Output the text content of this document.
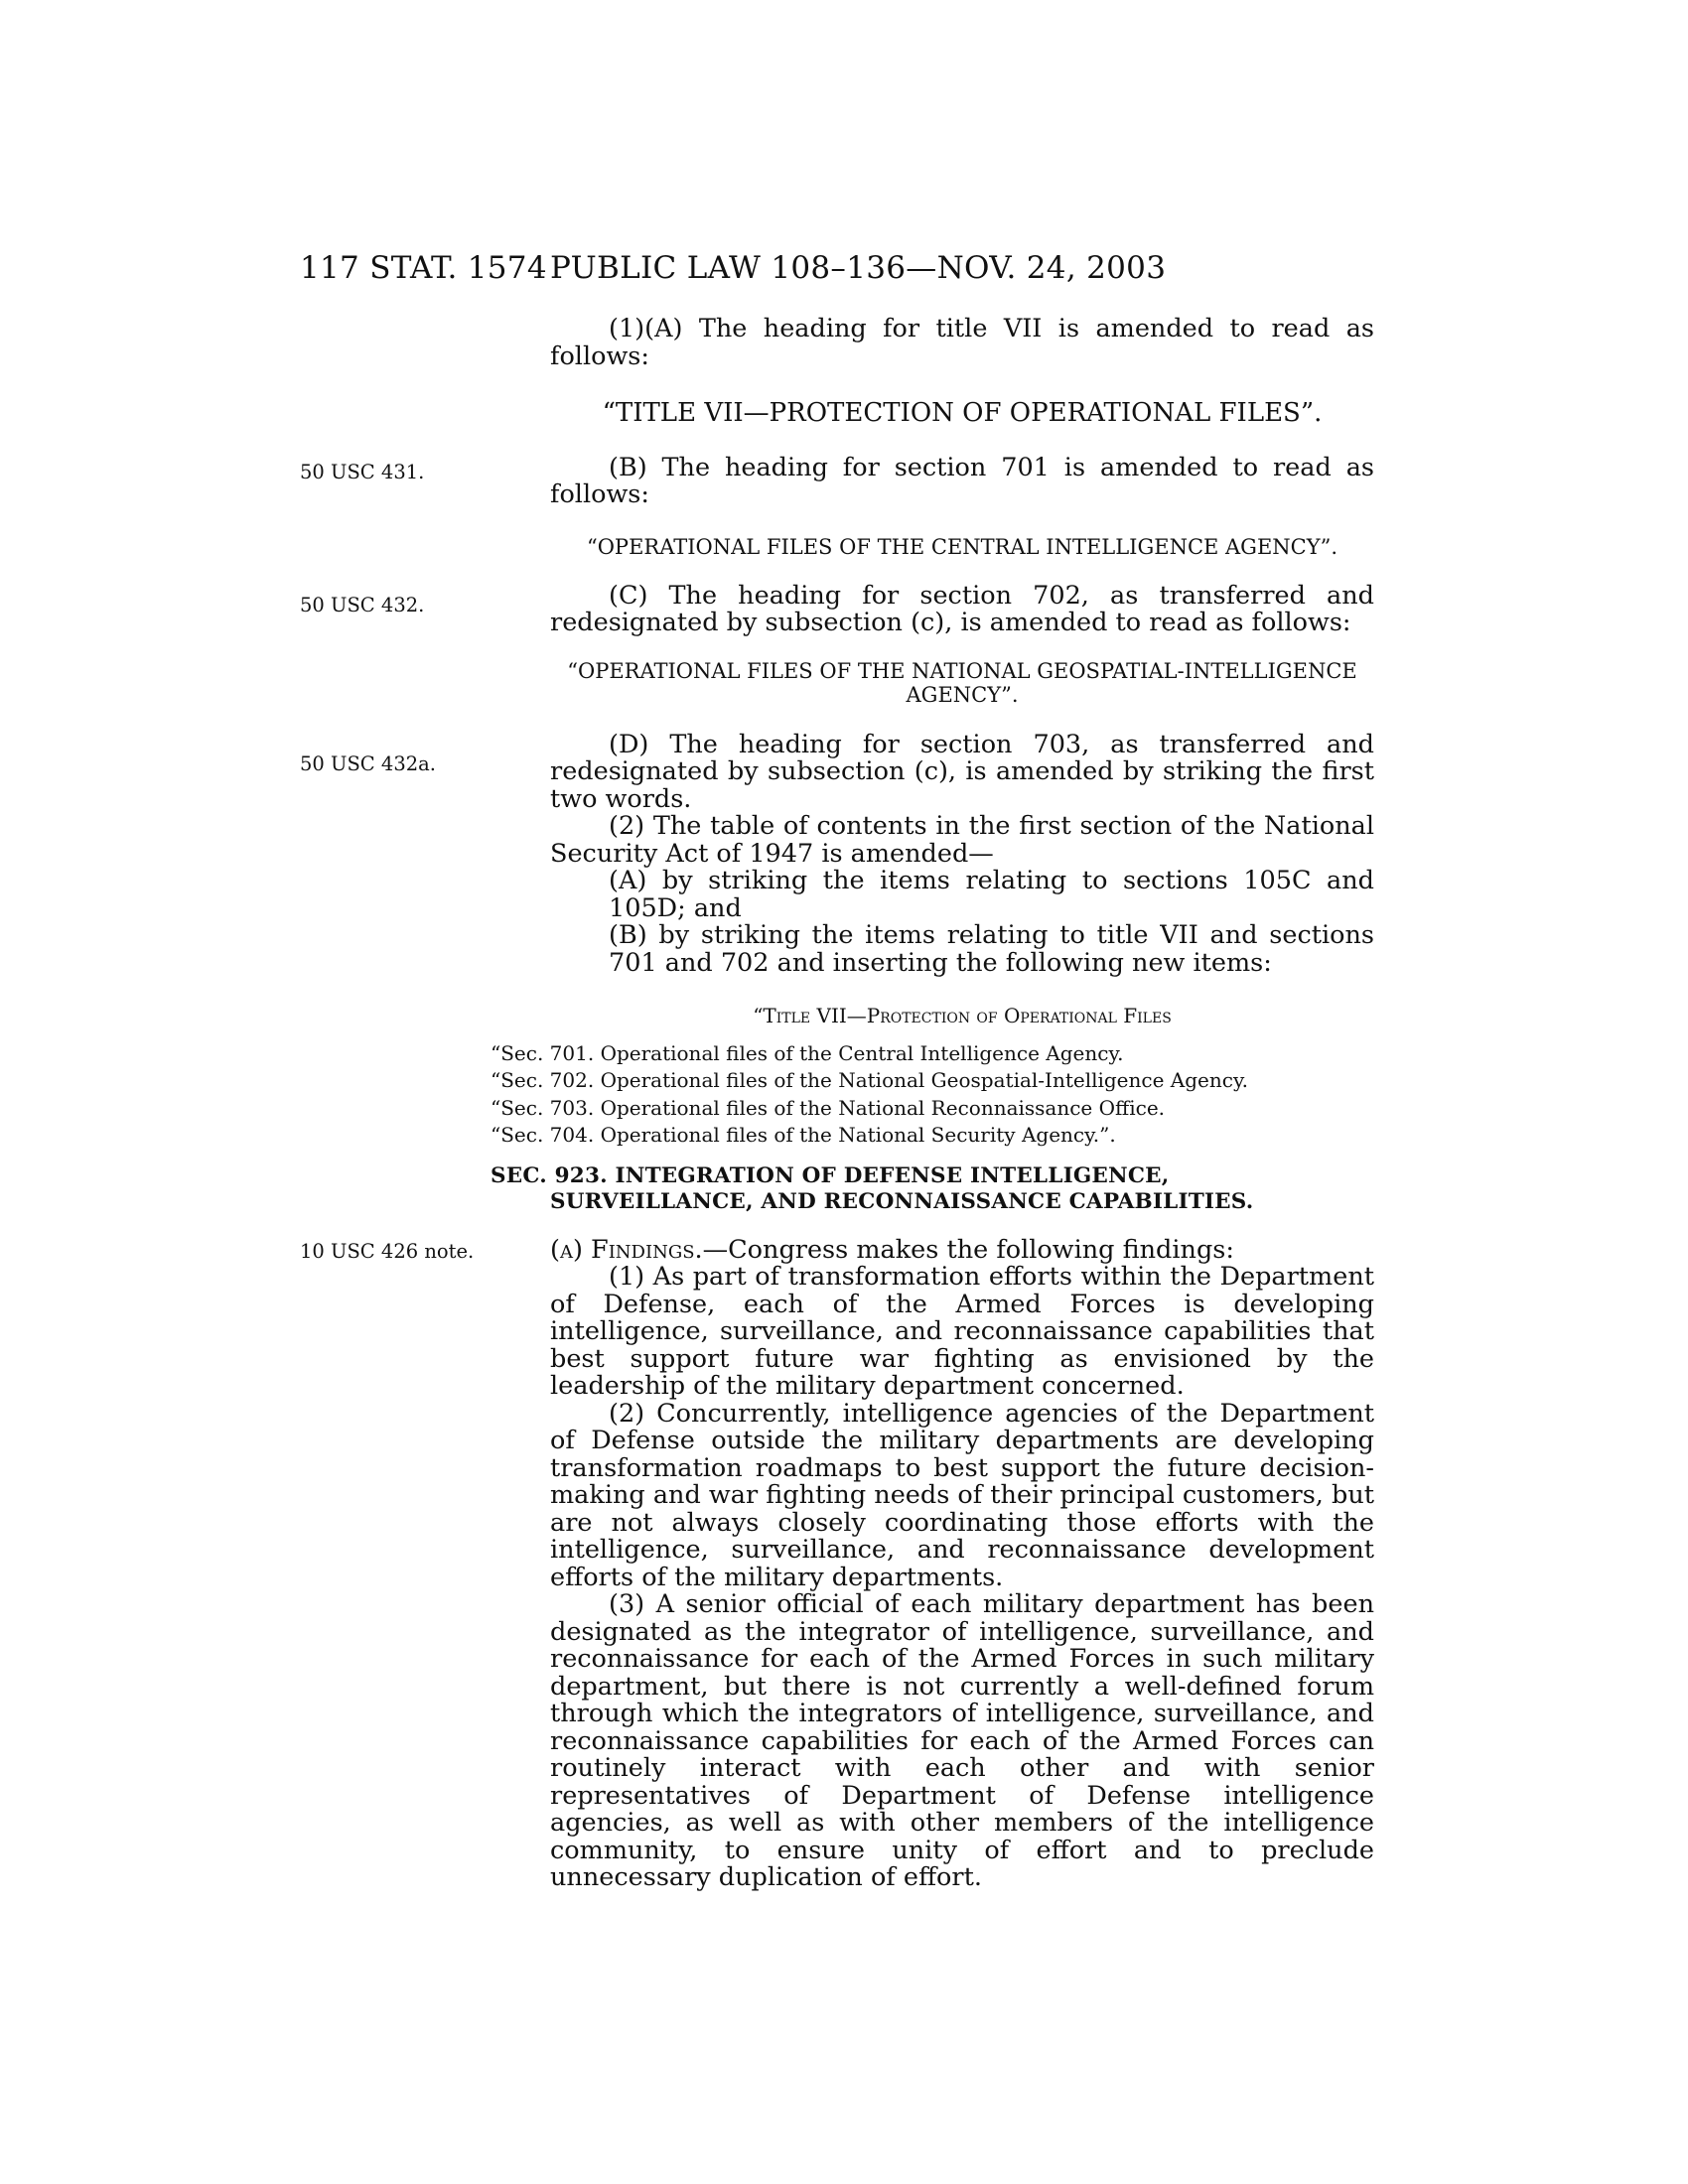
117 STAT. 1574 PUBLIC LAW 108–136—NOV. 24, 2003
50 USC 431.
50 USC 432.
50 USC 432a.
10 USC 426 note.

(1)(A) The heading for title VII is amended to read as follows:

“TITLE VII—PROTECTION OF OPERATIONAL FILES”.

(B) The heading for section 701 is amended to read as follows:

“OPERATIONAL FILES OF THE CENTRAL INTELLIGENCE AGENCY”.

(C) The heading for section 702, as transferred and redesignated by subsection (c), is amended to read as follows:

“OPERATIONAL FILES OF THE NATIONAL GEOSPATIAL-INTELLIGENCE AGENCY”.

(D) The heading for section 703, as transferred and redesignated by subsection (c), is amended by striking the first two words.

(2) The table of contents in the first section of the National Security Act of 1947 is amended—

(A) by striking the items relating to sections 105C and 105D; and

(B) by striking the items relating to title VII and sections 701 and 702 and inserting the following new items:

“Title VII—Protection of Operational Files

“Sec. 701. Operational files of the Central Intelligence Agency.

“Sec. 702. Operational files of the National Geospatial-Intelligence Agency.

“Sec. 703. Operational files of the National Reconnaissance Office.

“Sec. 704. Operational files of the National Security Agency.”.

SEC. 923. INTEGRATION OF DEFENSE INTELLIGENCE, SURVEILLANCE, AND RECONNAISSANCE CAPABILITIES.

(a) Findings.—Congress makes the following findings:

(1) As part of transformation efforts within the Department of Defense, each of the Armed Forces is developing intelligence, surveillance, and reconnaissance capabilities that best support future war fighting as envisioned by the leadership of the military department concerned.

(2) Concurrently, intelligence agencies of the Department of Defense outside the military departments are developing transformation roadmaps to best support the future decision-making and war fighting needs of their principal customers, but are not always closely coordinating those efforts with the intelligence, surveillance, and reconnaissance development efforts of the military departments.

(3) A senior official of each military department has been designated as the integrator of intelligence, surveillance, and reconnaissance for each of the Armed Forces in such military department, but there is not currently a well-defined forum through which the integrators of intelligence, surveillance, and reconnaissance capabilities for each of the Armed Forces can routinely interact with each other and with senior representatives of Department of Defense intelligence agencies, as well as with other members of the intelligence community, to ensure unity of effort and to preclude unnecessary duplication of effort.
